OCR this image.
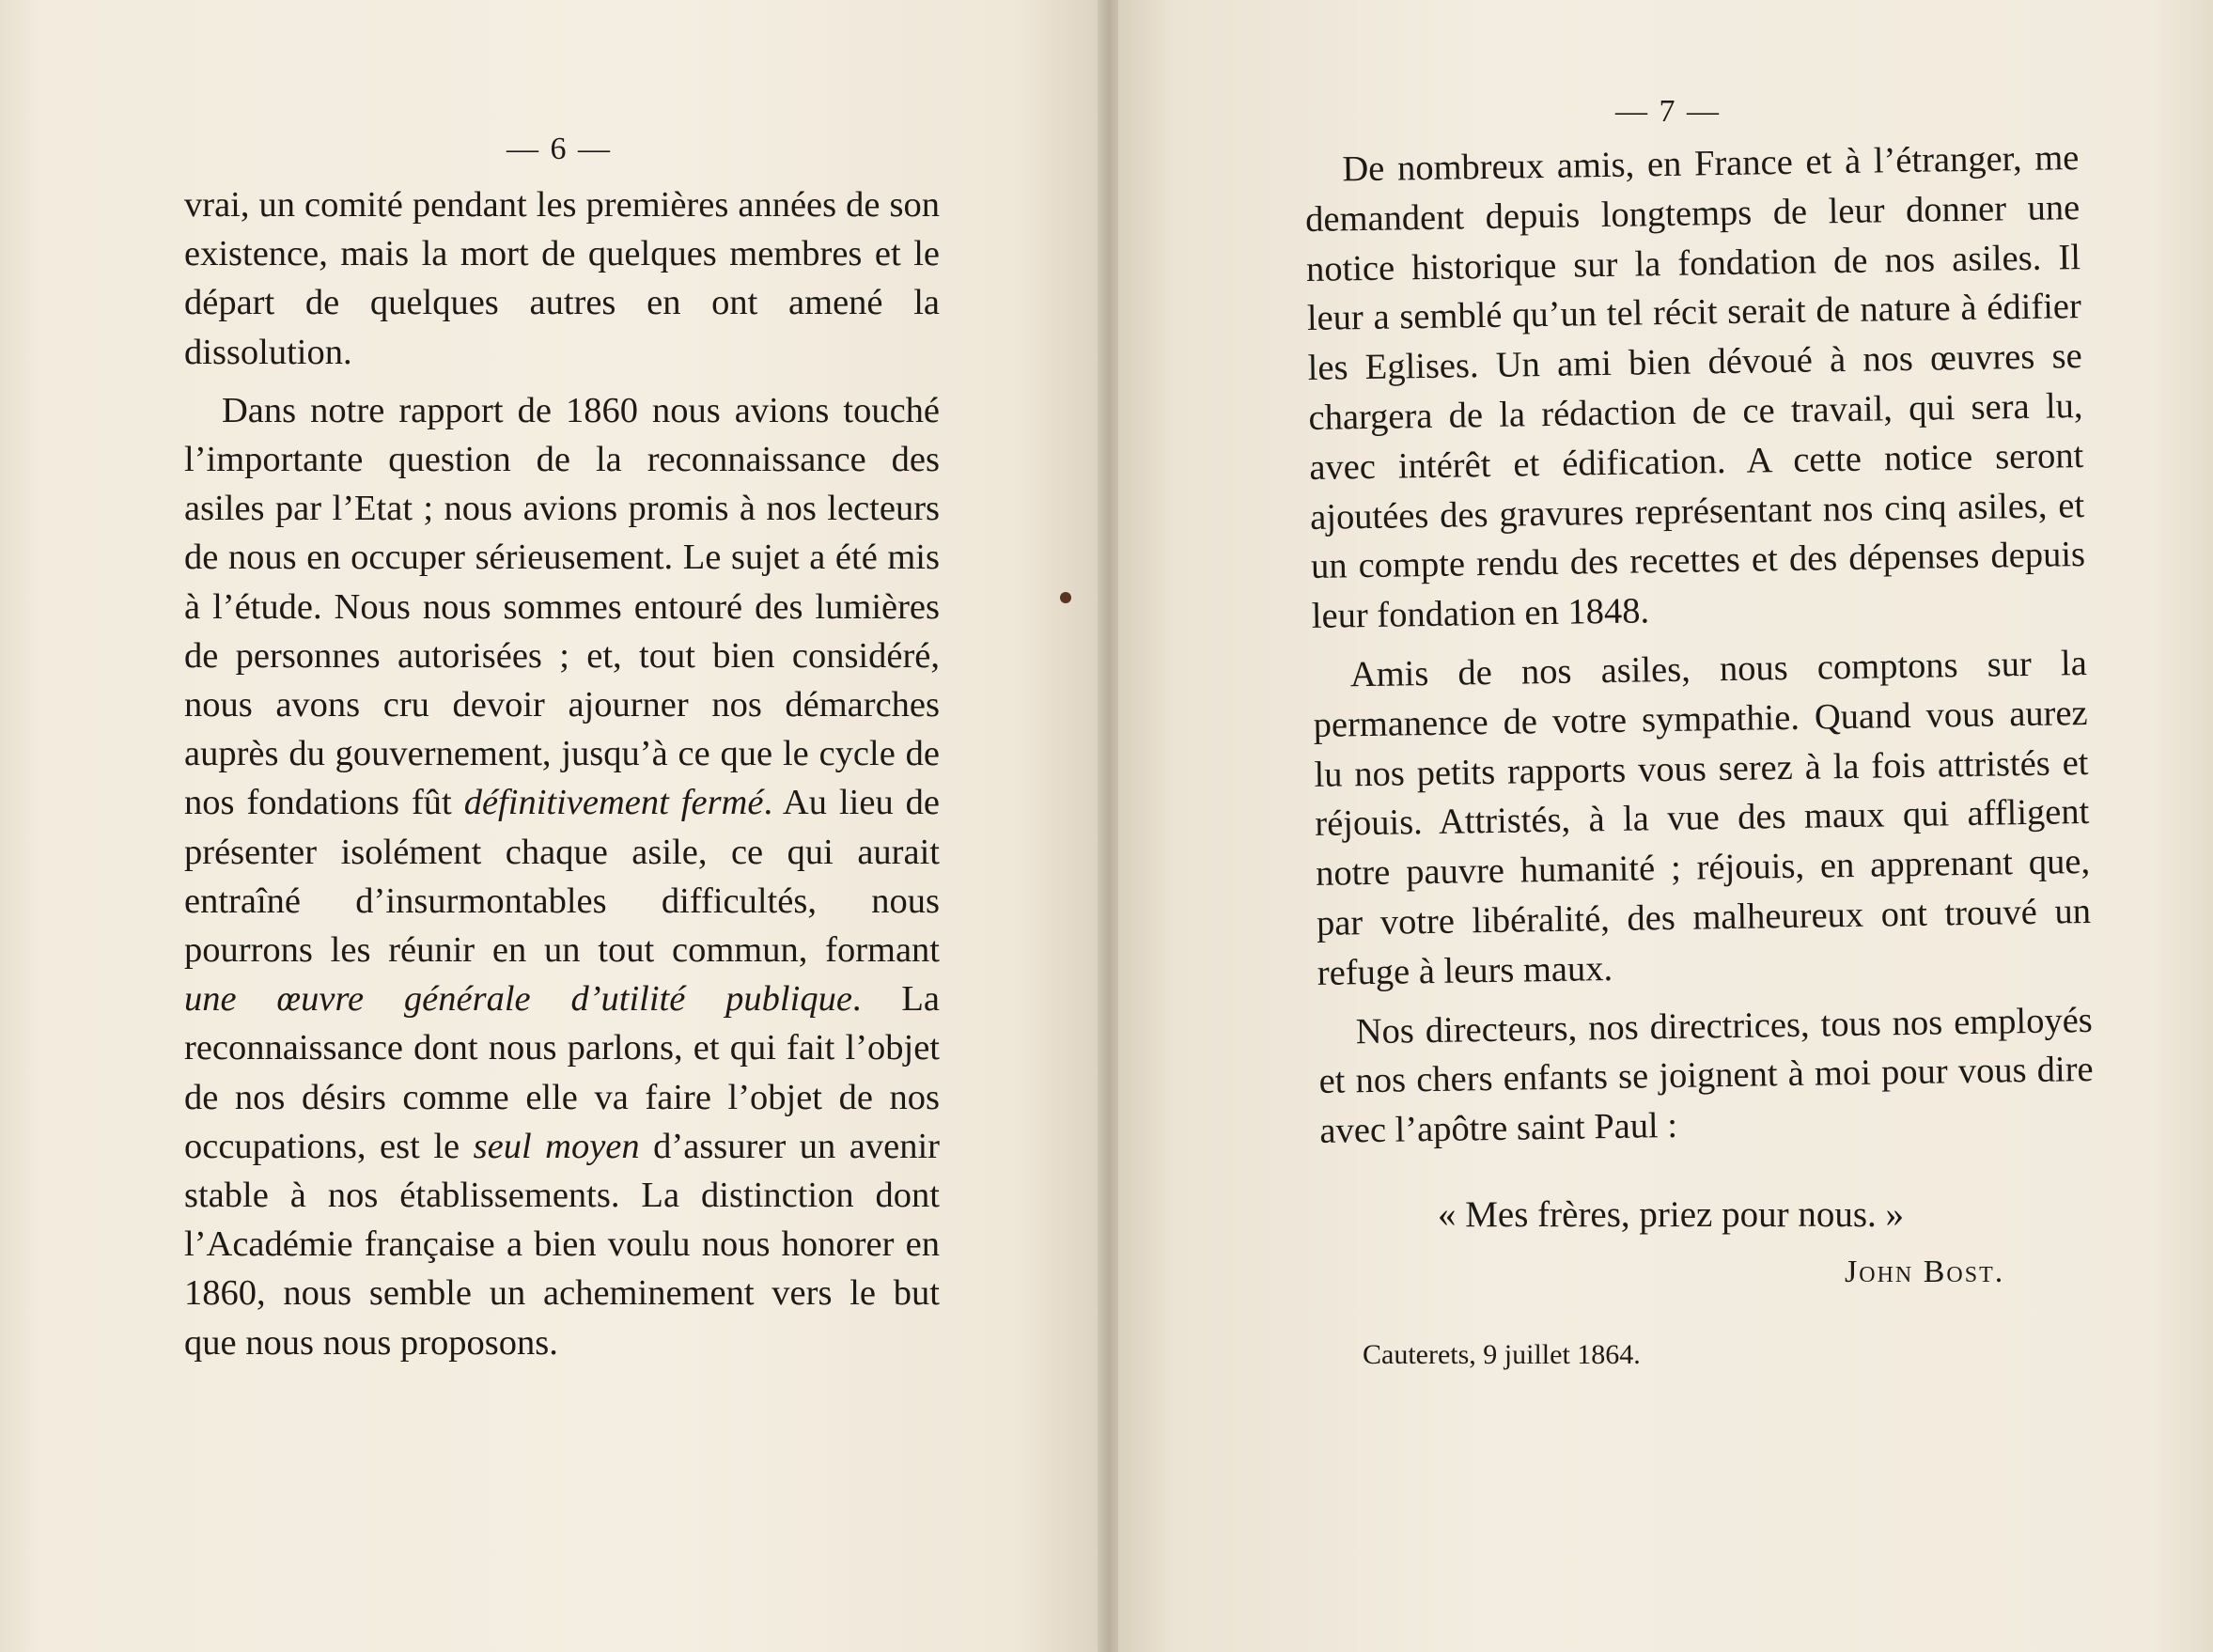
— 6 —

vrai, un comité pendant les premières années de son existence, mais la mort de quelques membres et le départ de quelques autres en ont amené la dissolution.

Dans notre rapport de 1860 nous avions touché l’importante question de la reconnaissance des asiles par l’Etat ; nous avions promis à nos lecteurs de nous en occuper sérieusement. Le sujet a été mis à l’étude. Nous nous sommes entouré des lumières de personnes autorisées ; et, tout bien considéré, nous avons cru devoir ajourner nos démarches auprès du gouvernement, jusqu’à ce que le cycle de nos fondations fût définitivement fermé. Au lieu de présenter isolément chaque asile, ce qui aurait entraîné d’insurmontables difficultés, nous pourrons les réunir en un tout commun, formant une œuvre générale d’utilité publique. La reconnaissance dont nous parlons, et qui fait l’objet de nos désirs comme elle va faire l’objet de nos occupations, est le seul moyen d’assurer un avenir stable à nos établissements. La distinction dont l’Académie française a bien voulu nous honorer en 1860, nous semble un acheminement vers le but que nous nous proposons.

— 7 —

De nombreux amis, en France et à l’étranger, me demandent depuis longtemps de leur donner une notice historique sur la fondation de nos asiles. Il leur a semblé qu’un tel récit serait de nature à édifier les Eglises. Un ami bien dévoué à nos œuvres se chargera de la rédaction de ce travail, qui sera lu, avec intérêt et édification. A cette notice seront ajoutées des gravures représentant nos cinq asiles, et un compte rendu des recettes et des dépenses depuis leur fondation en 1848.

Amis de nos asiles, nous comptons sur la permanence de votre sympathie. Quand vous aurez lu nos petits rapports vous serez à la fois attristés et réjouis. Attristés, à la vue des maux qui affligent notre pauvre humanité ; réjouis, en apprenant que, par votre libéralité, des malheureux ont trouvé un refuge à leurs maux.

Nos directeurs, nos directrices, tous nos employés et nos chers enfants se joignent à moi pour vous dire avec l’apôtre saint Paul :

« Mes frères, priez pour nous. »
John Bost.
Cauterets, 9 juillet 1864.
